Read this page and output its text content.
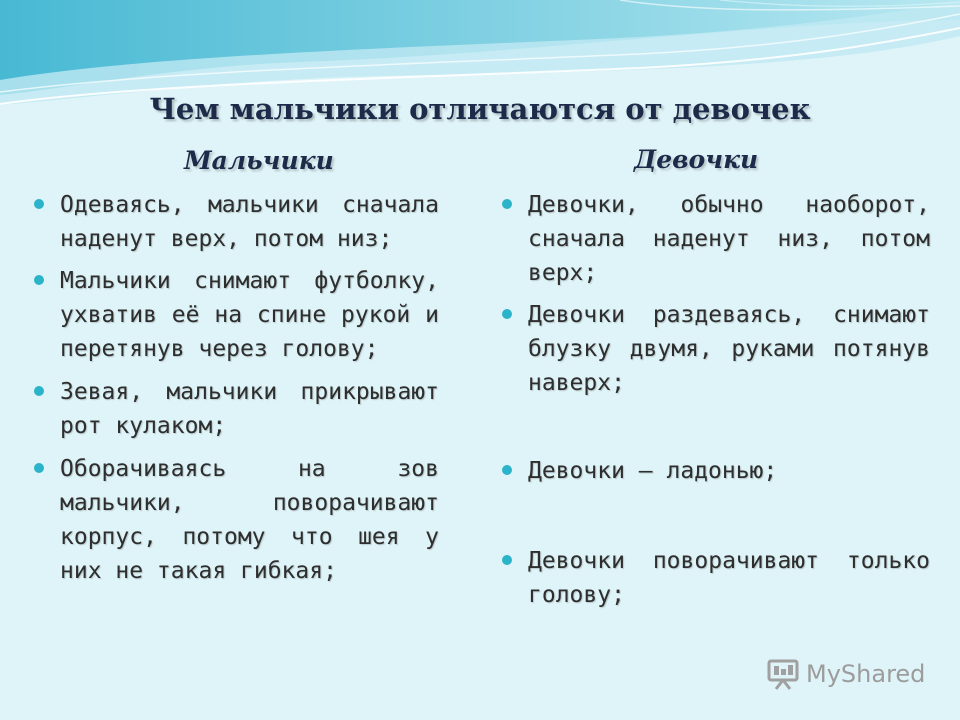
Чем мальчики отличаются от девочек
Мальчики	Девочки

Одеваясь, мальчики сначала наденут верх, потом низ;

Мальчики снимают футболку, ухватив её на спине рукой и перетянув через голову;

Зевая, мальчики прикрывают рот кулаком;

Оборачиваясь на зов мальчики, поворачивают корпус, потому что шея у них не такая гибкая;

Девочки, обычно наоборот, сначала наденут низ, потом верх;

Девочки раздеваясь, снимают блузку двумя, руками потянув наверх;

Девочки – ладонью;

Девочки поворачивают только голову;

MyShared
